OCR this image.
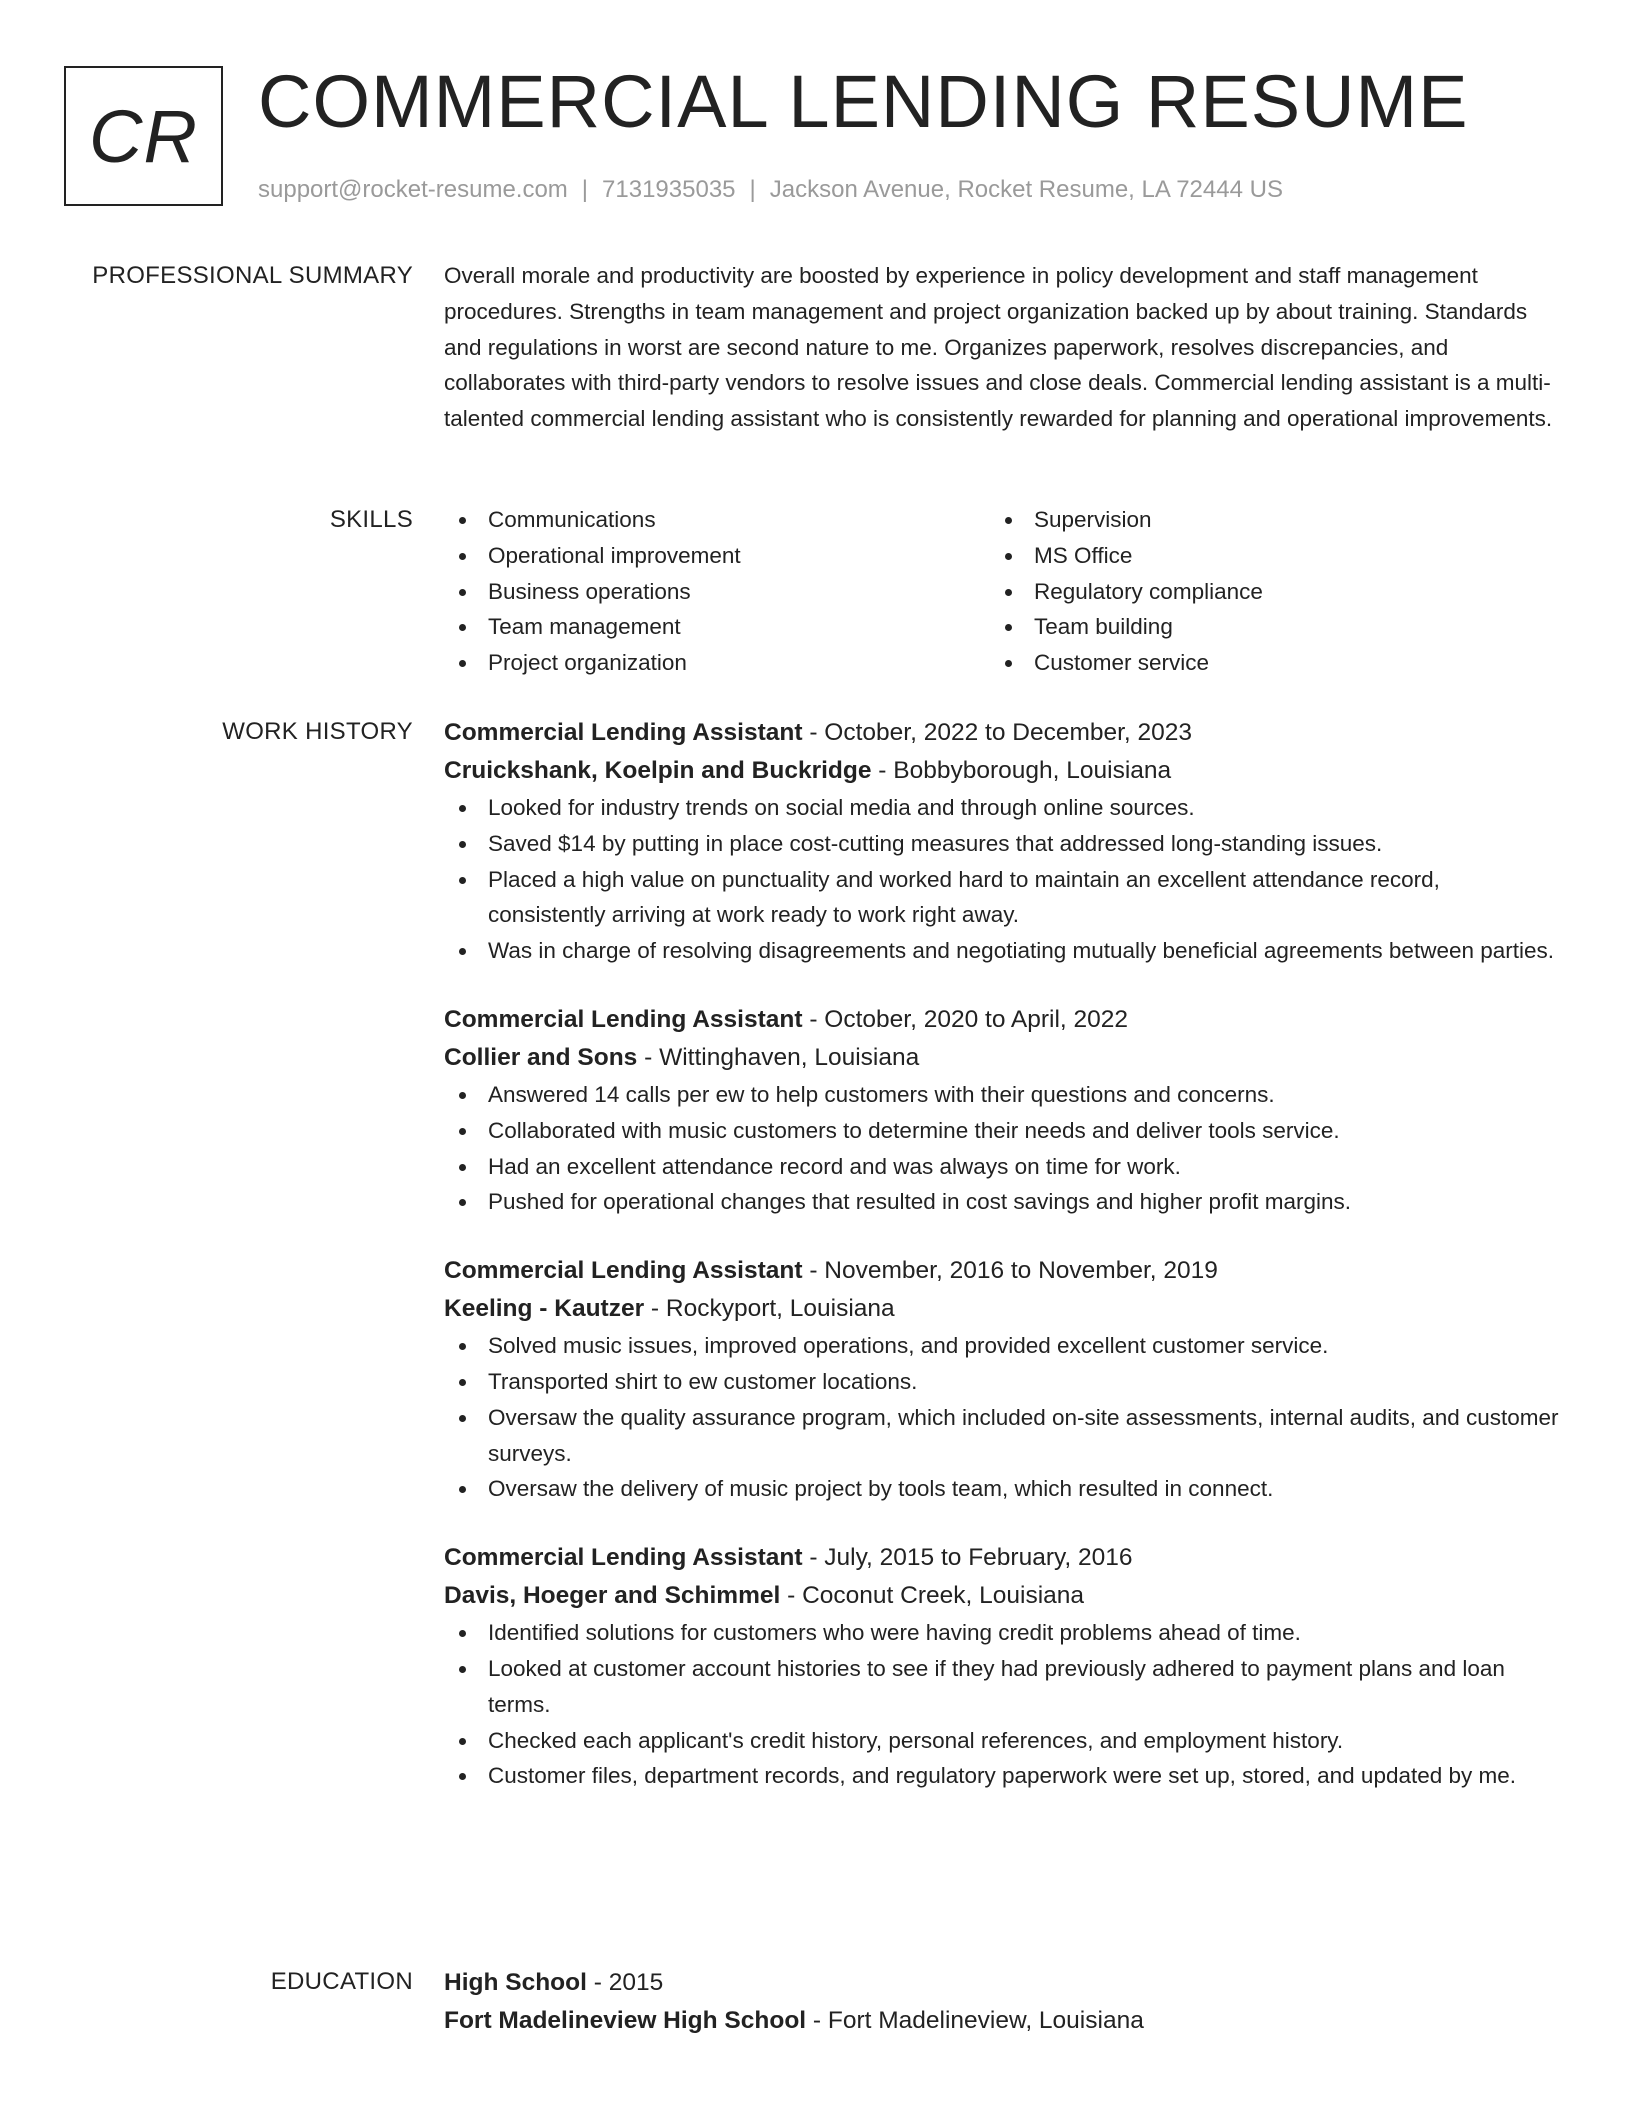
CR COMMERCIAL LENDING RESUME
support@rocket-resume.com | 7131935035 | Jackson Avenue, Rocket Resume, LA 72444 US
PROFESSIONAL SUMMARY Overall morale and productivity are boosted by experience in policy development and staff management procedures. Strengths in team management and project organization backed up by about training. Standards and regulations in worst are second nature to me. Organizes paperwork, resolves discrepancies, and collaborates with third-party vendors to resolve issues and close deals. Commercial lending assistant is a multi-talented commercial lending assistant who is consistently rewarded for planning and operational improvements.

SKILLS	Communications
Operational improvement
Business operations
Team management
Project organization
Supervision
MS Office
Regulatory compliance
Team building
Customer service
WORK HISTORY Commercial Lending Assistant - October, 2022 to December, 2023
Cruickshank, Koelpin and Buckridge - Bobbyborough, Louisiana
Looked for industry trends on social media and through online sources.
Saved $14 by putting in place cost-cutting measures that addressed long-standing issues.
Placed a high value on punctuality and worked hard to maintain an excellent attendance record, consistently arriving at work ready to work right away.
Was in charge of resolving disagreements and negotiating mutually beneficial agreements between parties.
Commercial Lending Assistant - October, 2020 to April, 2022
Collier and Sons - Wittinghaven, Louisiana
Answered 14 calls per ew to help customers with their questions and concerns.
Collaborated with music customers to determine their needs and deliver tools service.
Had an excellent attendance record and was always on time for work.
Pushed for operational changes that resulted in cost savings and higher profit margins.
Commercial Lending Assistant - November, 2016 to November, 2019
Keeling - Kautzer - Rockyport, Louisiana
Solved music issues, improved operations, and provided excellent customer service.
Transported shirt to ew customer locations.
Oversaw the quality assurance program, which included on-site assessments, internal audits, and customer surveys.
Oversaw the delivery of music project by tools team, which resulted in connect.
Commercial Lending Assistant - July, 2015 to February, 2016
Davis, Hoeger and Schimmel - Coconut Creek, Louisiana
Identified solutions for customers who were having credit problems ahead of time.
Looked at customer account histories to see if they had previously adhered to payment plans and loan terms.
Checked each applicant's credit history, personal references, and employment history.
Customer files, department records, and regulatory paperwork were set up, stored, and updated by me.
EDUCATION High School - 2015
Fort Madelineview High School - Fort Madelineview, Louisiana
